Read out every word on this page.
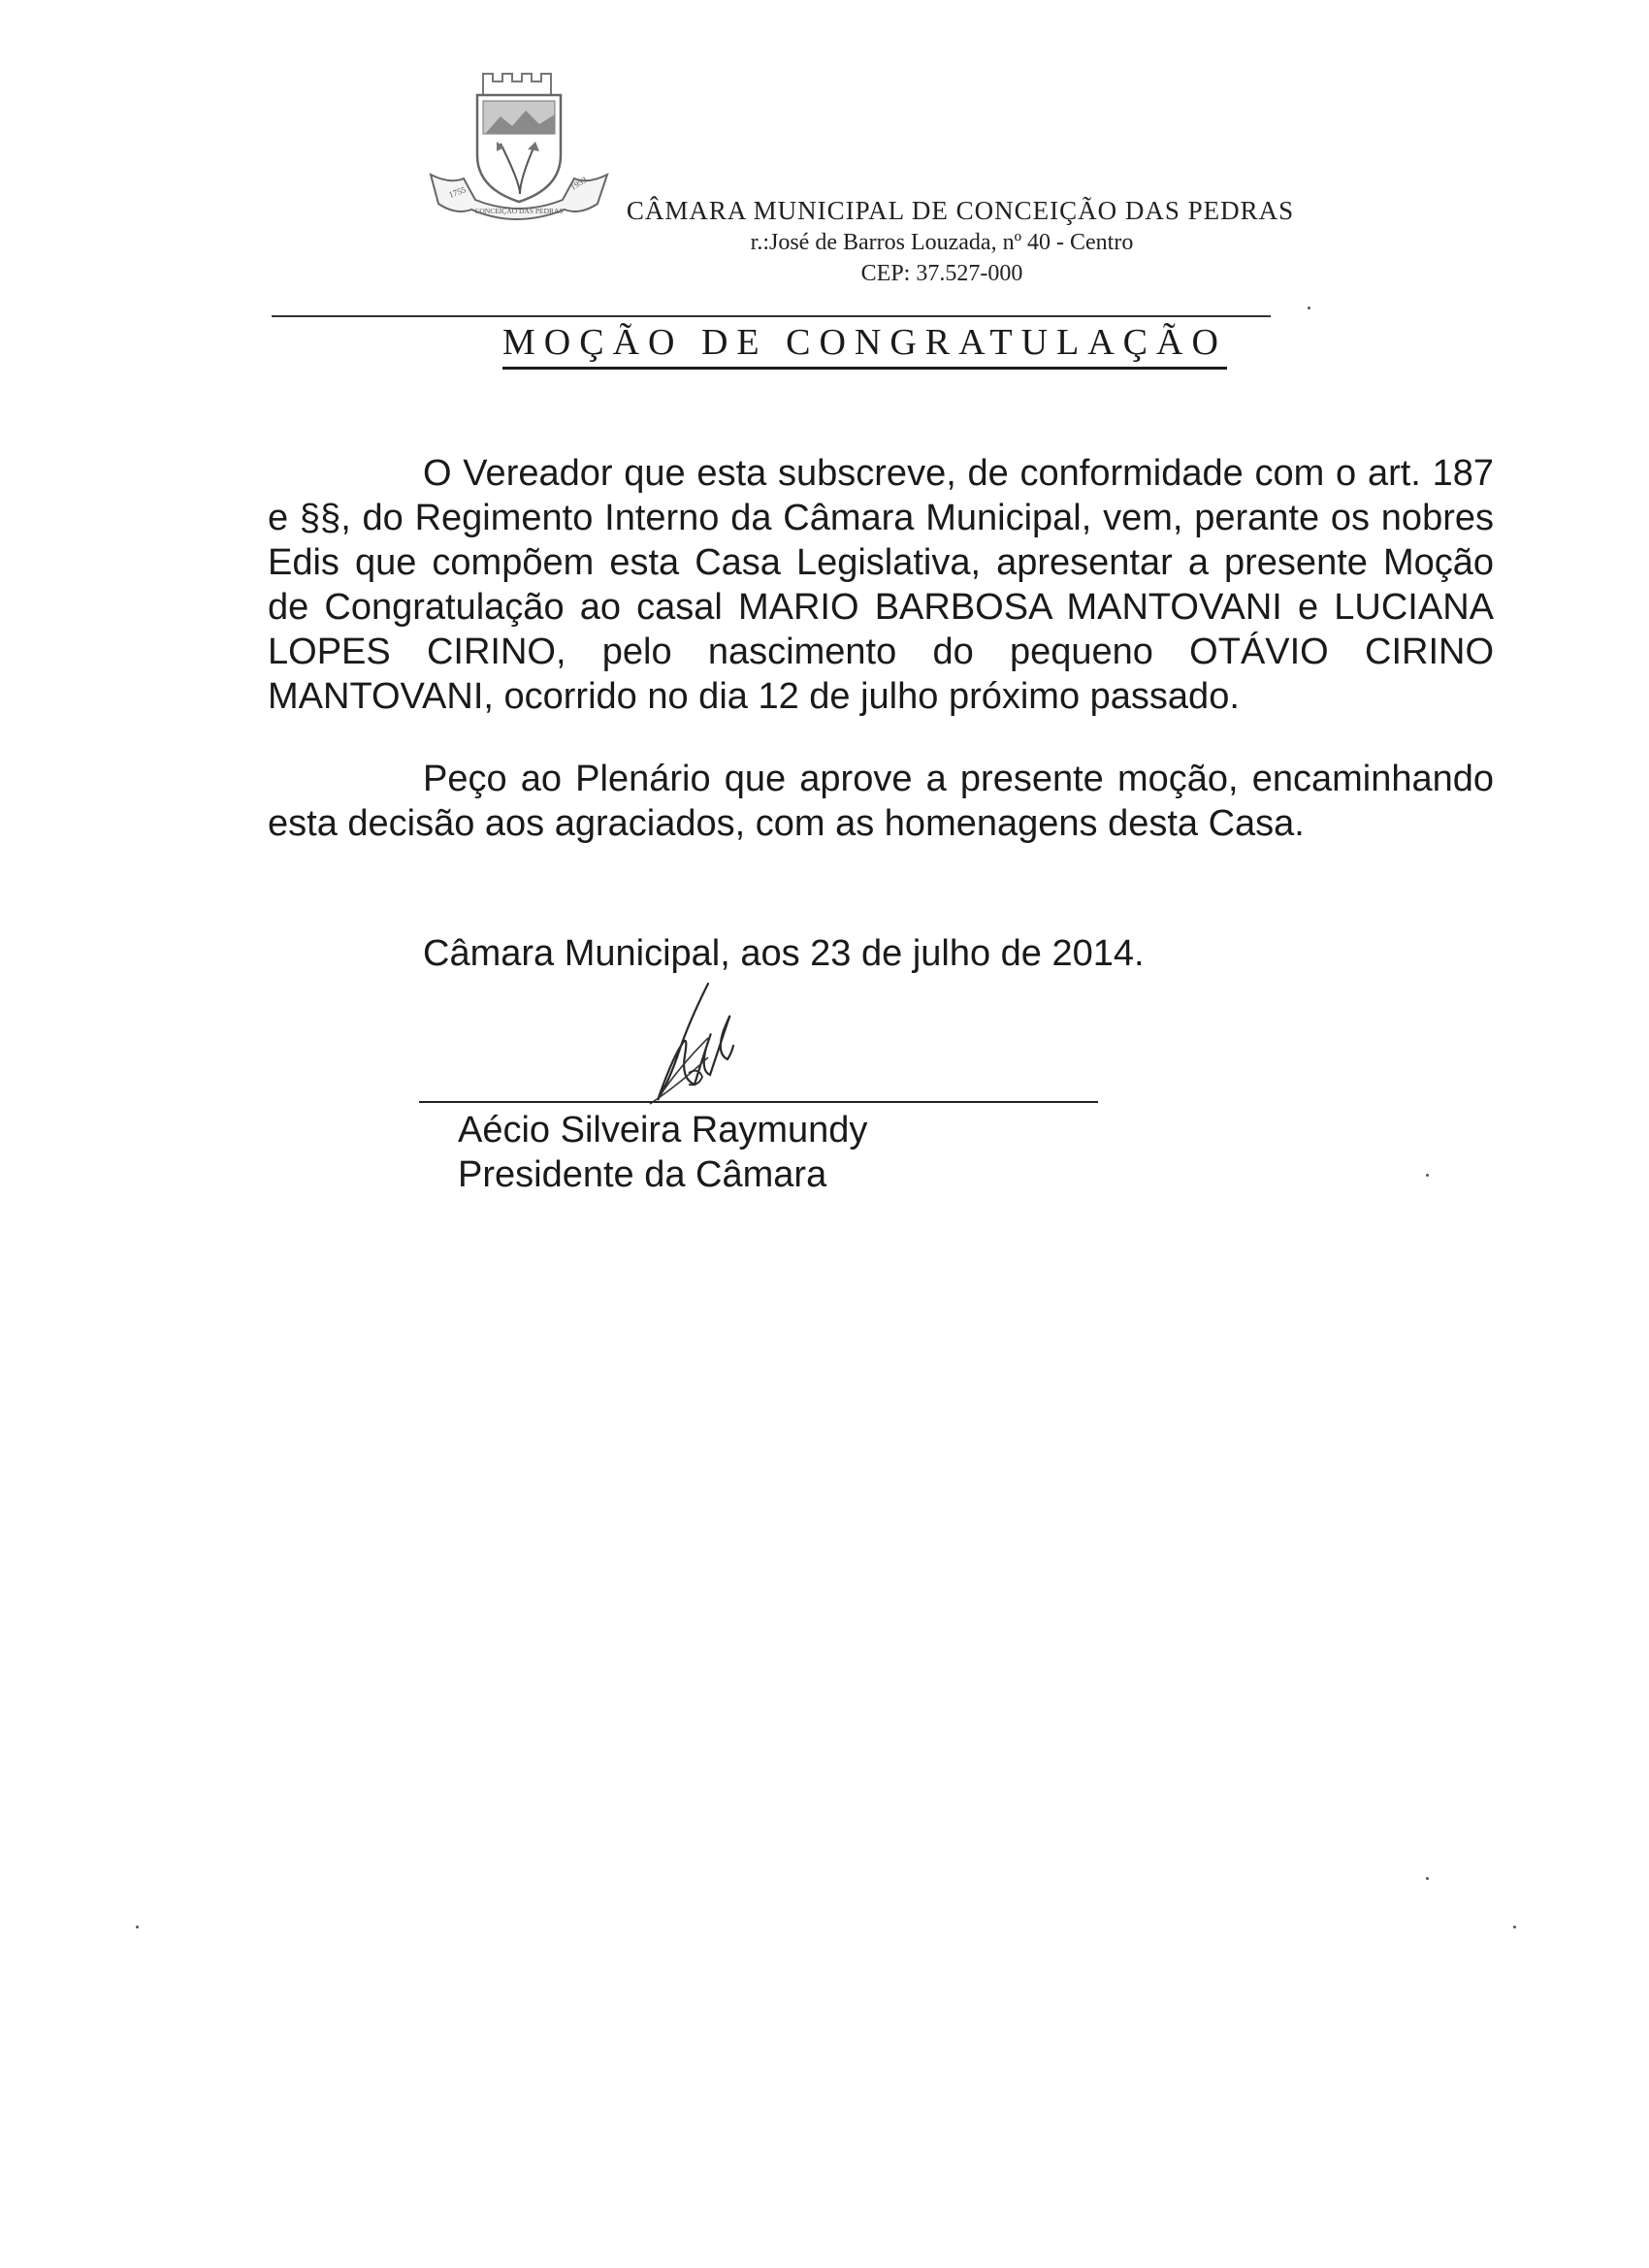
1755
CONCEIÇÃO DAS PEDRAS
1953
CÂMARA MUNICIPAL DE CONCEIÇÃO DAS PEDRAS
r.:José de Barros Louzada, nº 40 - Centro
CEP: 37.527-000
MOÇÃO DE CONGRATULAÇÃO
O Vereador que esta subscreve, de conformidade com o art. 187 e §§, do Regimento Interno da Câmara Municipal, vem, perante os nobres Edis que compõem esta Casa Legislativa, apresentar a presente Moção de Congratulação ao casal MARIO BARBOSA MANTOVANI e LUCIANA LOPES CIRINO, pelo nascimento do pequeno OTÁVIO CIRINO MANTOVANI, ocorrido no dia 12 de julho próximo passado.
Peço ao Plenário que aprove a presente moção, encaminhando esta decisão aos agraciados, com as homenagens desta Casa.
Câmara Municipal, aos 23 de julho de 2014.
Aécio Silveira Raymundy
Presidente da Câmara
